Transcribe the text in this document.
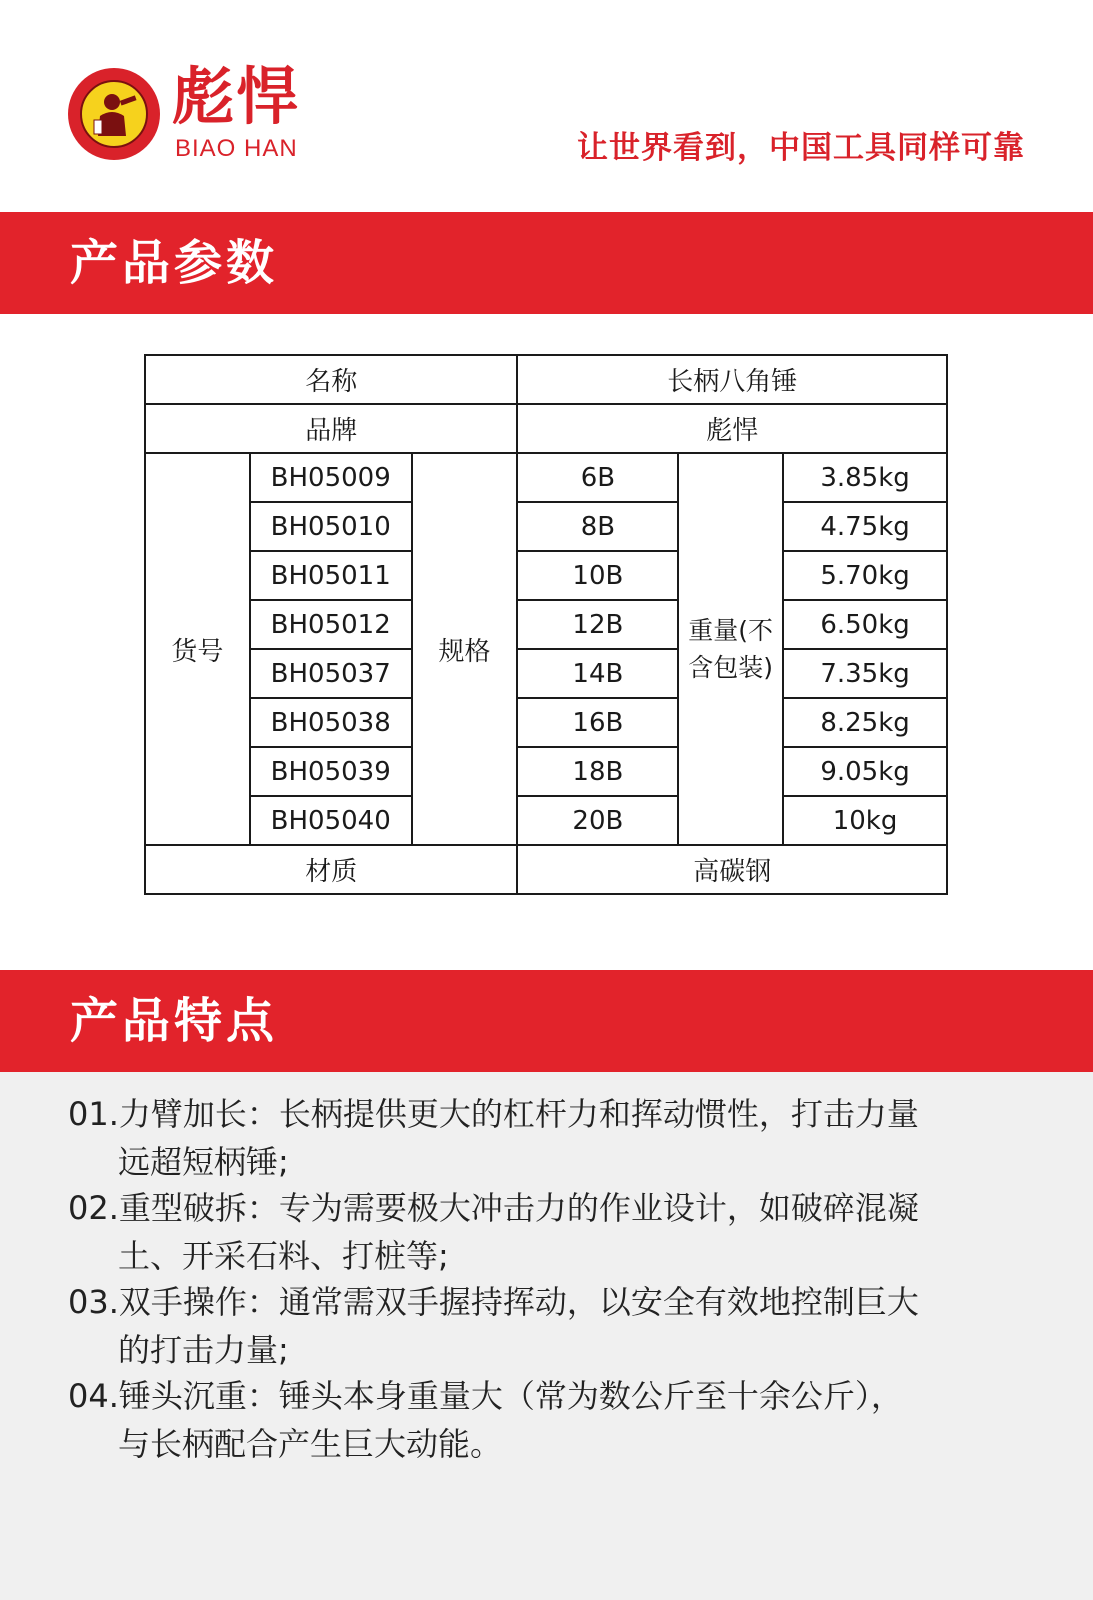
彪悍
BIAO HAN	让世界看到，中国工具同样可靠
产品参数
名称			长柄八角锤		
品牌			彪悍		
货号	BH05009	规格	6B	重量(不含包装)	3.85kg
	BH05010		8B		4.75kg
	BH05011		10B		5.70kg
	BH05012		12B		6.50kg
	BH05037		14B		7.35kg
	BH05038		16B		8.25kg
	BH05039		18B		9.05kg
	BH05040		20B		10kg
材质			高碳钢		
产品特点
01.力臂加长：长柄提供更大的杠杆力和挥动惯性，打击力量
远超短柄锤;
02.重型破拆：专为需要极大冲击力的作业设计，如破碎混凝
土、开采石料、打桩等;
03.双手操作：通常需双手握持挥动，以安全有效地控制巨大
的打击力量;
04.锤头沉重：锤头本身重量大（常为数公斤至十余公斤），
与长柄配合产生巨大动能。
